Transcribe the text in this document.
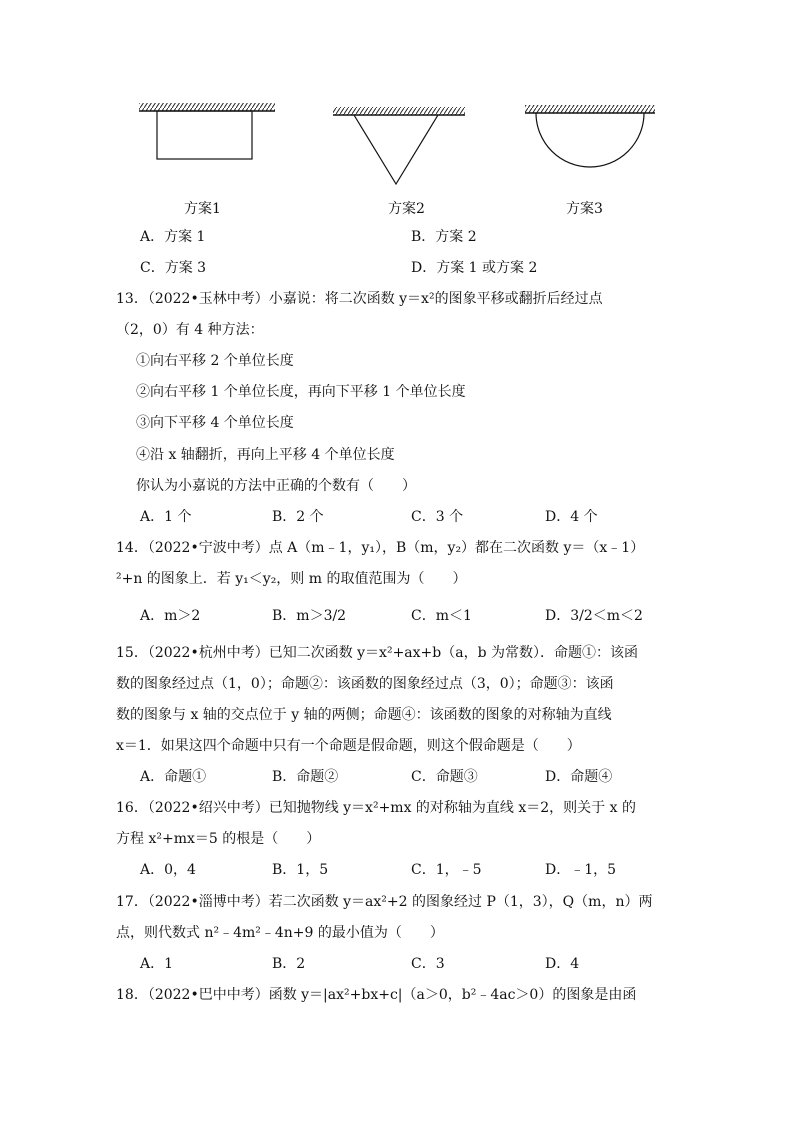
方案1	方案2	方案3
A．方案 1	B．方案 2
C．方案 3	D．方案 1 或方案 2
13．（2022•玉林中考）小嘉说：将二次函数 y＝x²的图象平移或翻折后经过点
（2，0）有 4 种方法：
①向右平移 2 个单位长度
②向右平移 1 个单位长度，再向下平移 1 个单位长度
③向下平移 4 个单位长度
④沿 x 轴翻折，再向上平移 4 个单位长度
你认为小嘉说的方法中正确的个数有（　　）
A．1 个	B．2 个	C．3 个	D．4 个
14．（2022•宁波中考）点 A（m﹣1，y₁），B（m，y₂）都在二次函数 y＝（x﹣1）
²+n 的图象上．若 y₁＜y₂，则 m 的取值范围为（　　）
A．m＞2	B．m＞3/2	C．m＜1	D．3/2＜m＜2
15．（2022•杭州中考）已知二次函数 y＝x²+ax+b（a，b 为常数）．命题①：该函
数的图象经过点（1，0）；命题②：该函数的图象经过点（3，0）；命题③：该函
数的图象与 x 轴的交点位于 y 轴的两侧；命题④：该函数的图象的对称轴为直线
x＝1．如果这四个命题中只有一个命题是假命题，则这个假命题是（　　）
A．命题①	B．命题②	C．命题③	D．命题④
16．（2022•绍兴中考）已知抛物线 y＝x²+mx 的对称轴为直线 x＝2，则关于 x 的
方程 x²+mx＝5 的根是（　　）
A．0，4	B．1，5	C．1，﹣5	D．﹣1，5
17．（2022•淄博中考）若二次函数 y＝ax²+2 的图象经过 P（1，3），Q（m，n）两
点，则代数式 n²﹣4m²﹣4n+9 的最小值为（　　）
A．1	B．2	C．3	D．4
18．（2022•巴中中考）函数 y＝|ax²+bx+c|（a＞0，b²﹣4ac＞0）的图象是由函
